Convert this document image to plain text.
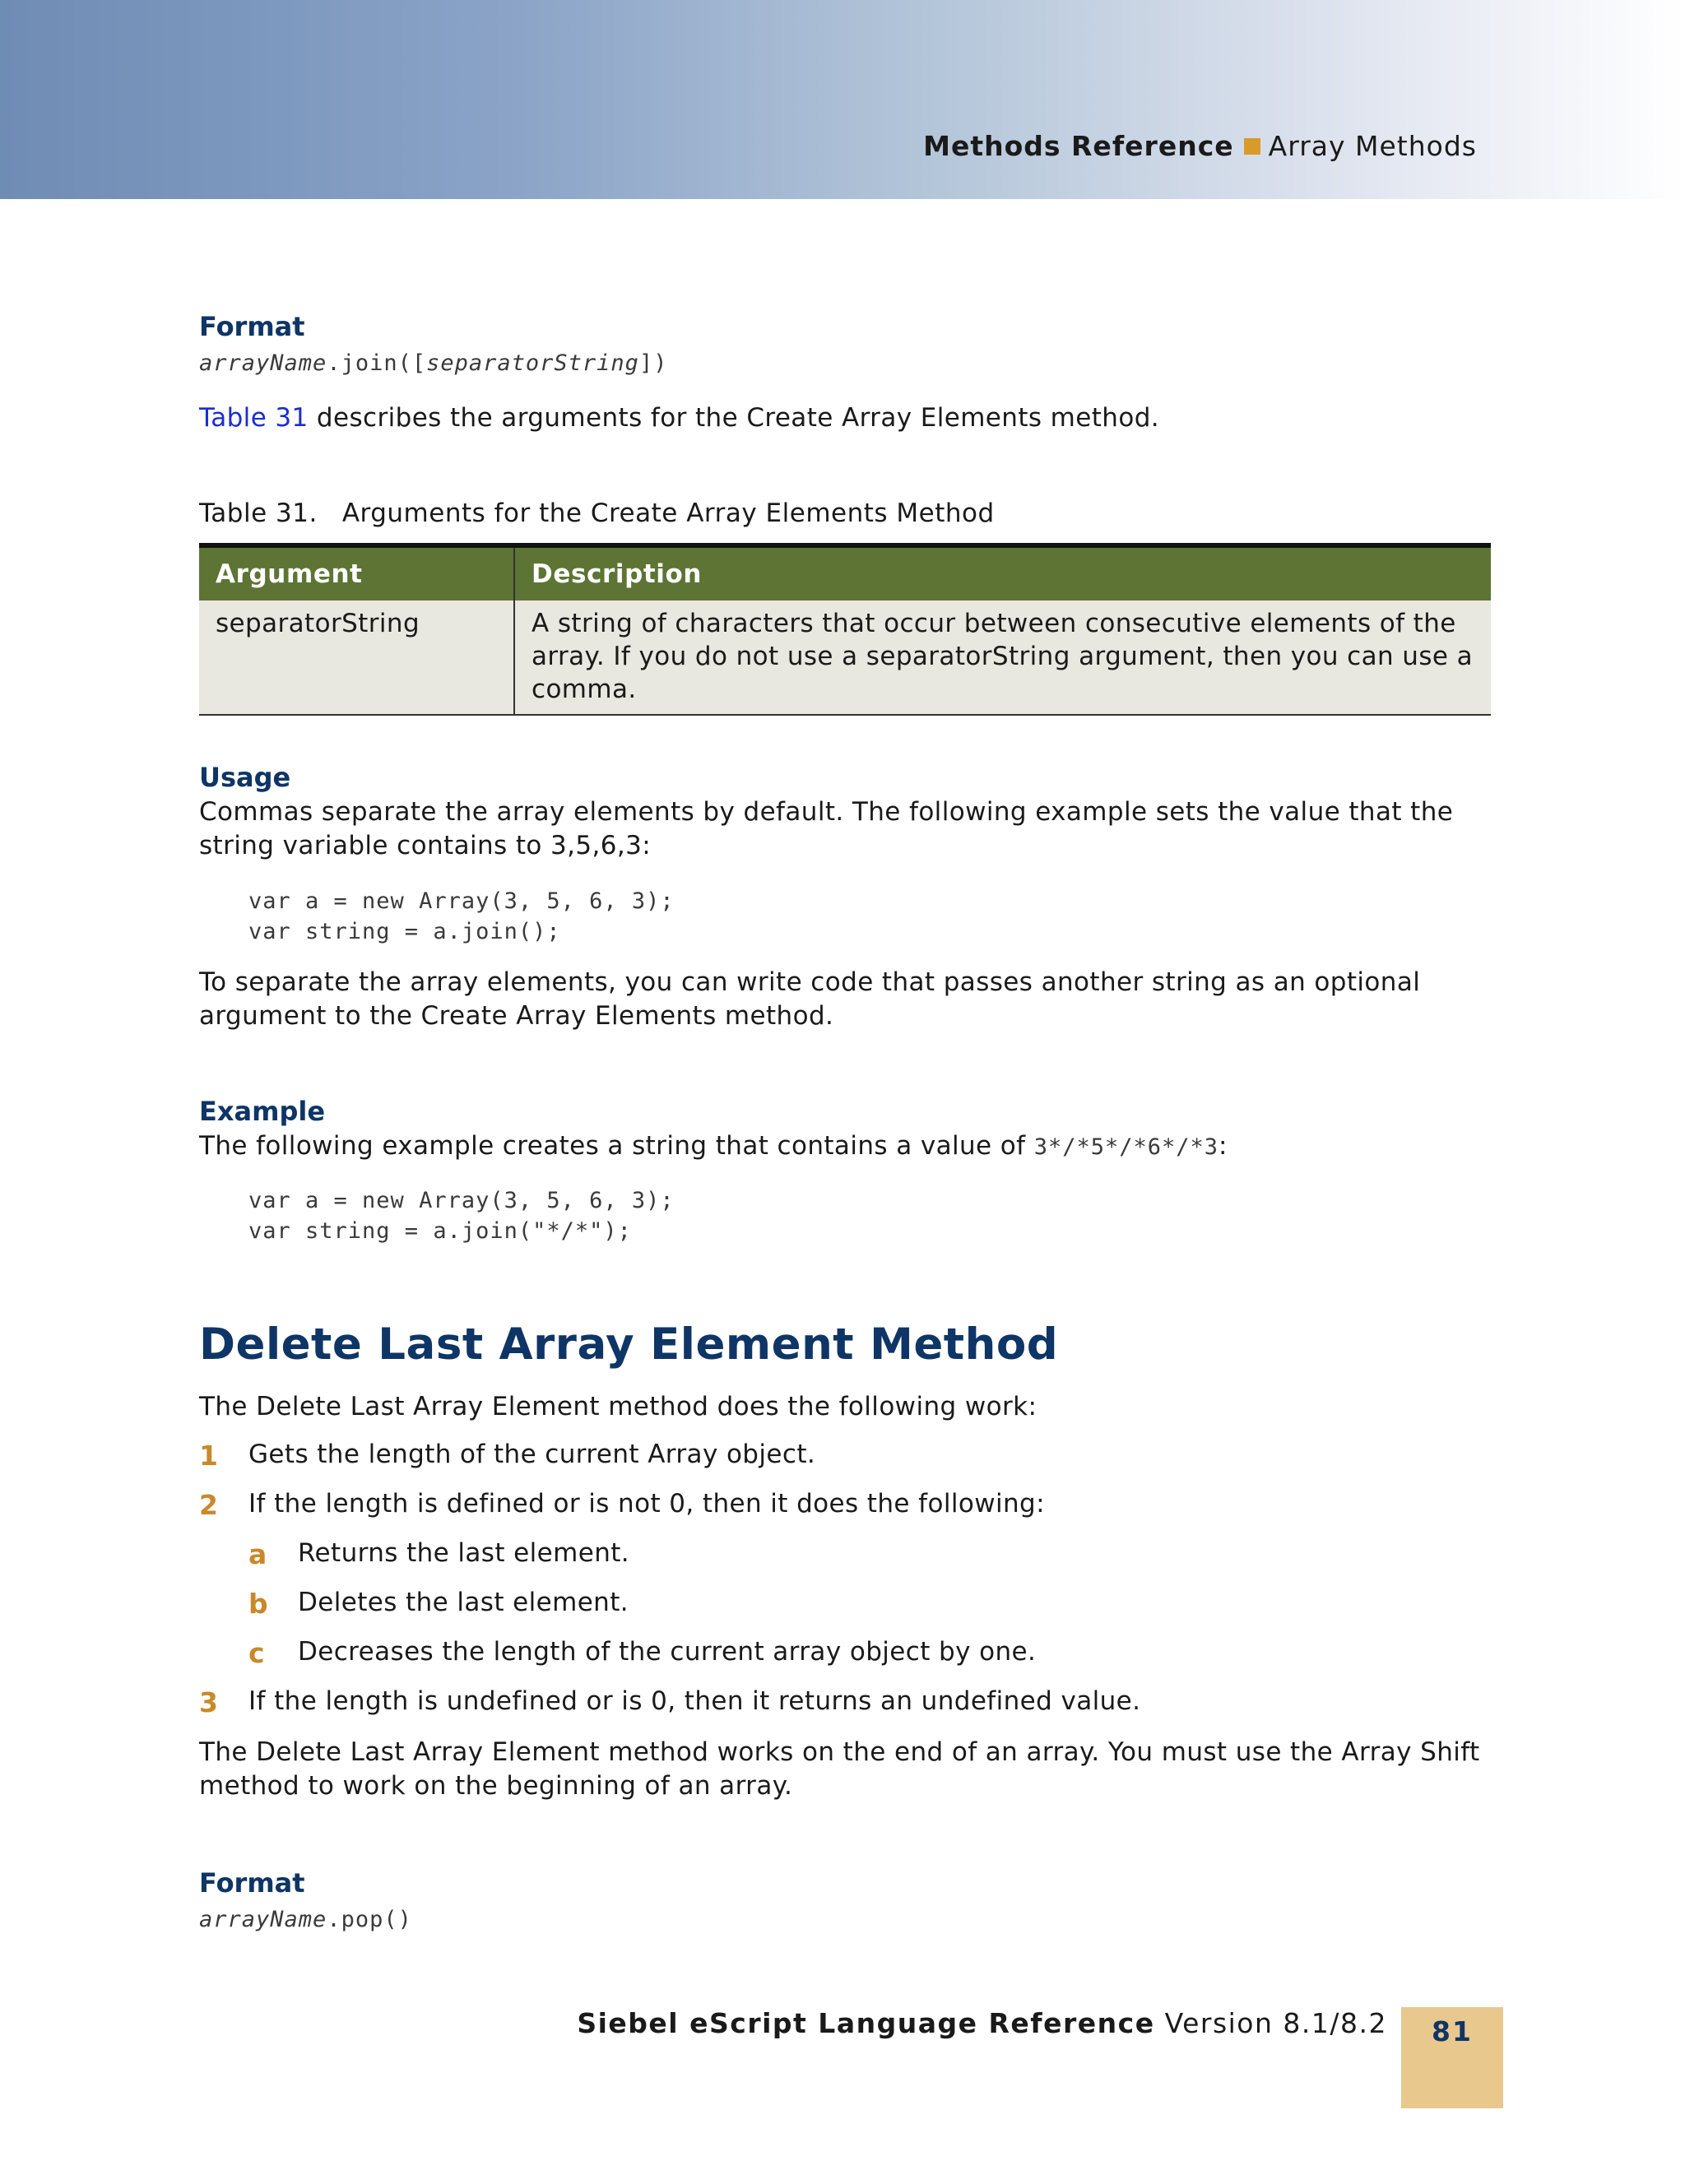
Methods Reference Array Methods
Format
arrayName.join([separatorString])
Table 31 describes the arguments for the Create Array Elements method.
Table 31. Arguments for the Create Array Elements Method

Argument	Description
separatorString	A string of characters that occur between consecutive elements of the array. If you do not use a separatorString argument, then you can use a comma.

Usage
Commas separate the array elements by default. The following example sets the value that the string variable contains to 3,5,6,3:
var a = new Array(3, 5, 6, 3);
var string = a.join();
To separate the array elements, you can write code that passes another string as an optional argument to the Create Array Elements method.
Example
The following example creates a string that contains a value of 3*/*5*/*6*/*3:
var a = new Array(3, 5, 6, 3);
var string = a.join("*/*");
Delete Last Array Element Method
The Delete Last Array Element method does the following work:
1 Gets the length of the current Array object.
2 If the length is defined or is not 0, then it does the following:
a Returns the last element.
b Deletes the last element.
c Decreases the length of the current array object by one.
3 If the length is undefined or is 0, then it returns an undefined value.
The Delete Last Array Element method works on the end of an array. You must use the Array Shift method to work on the beginning of an array.
Format
arrayName.pop()
Siebel eScript Language Reference Version 8.1/8.2	81
